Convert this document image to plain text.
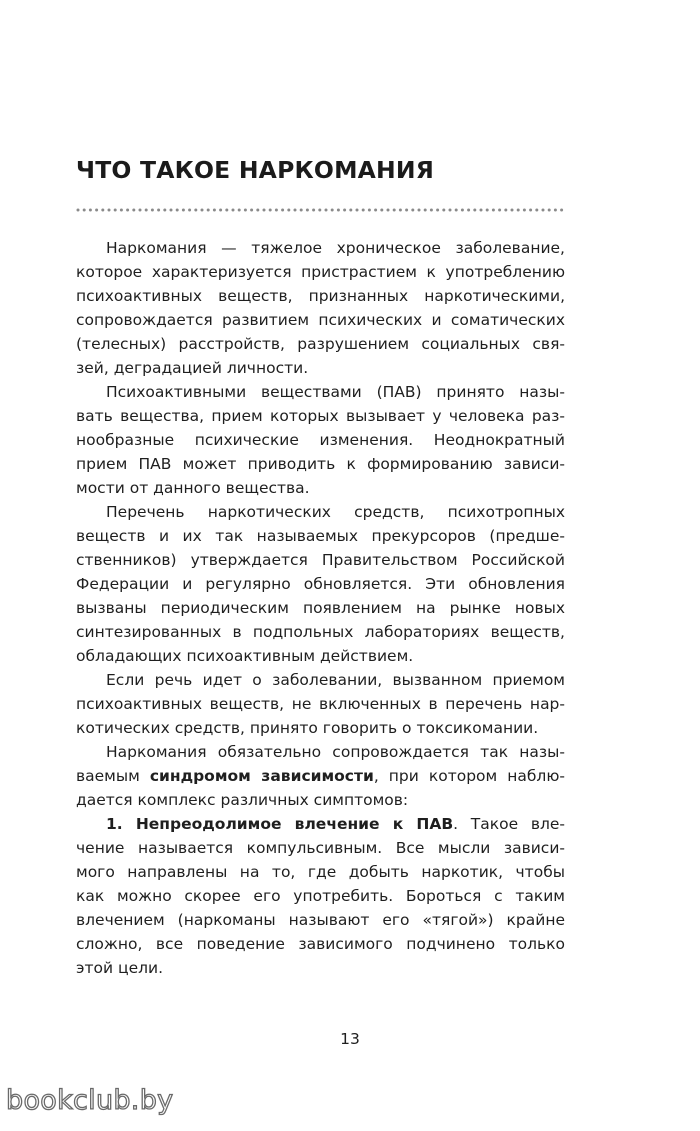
ЧТО ТАКОЕ НАРКОМАНИЯ
Наркомания — тяжелое хроническое заболевание,
которое характеризуется пристрастием к употреблению
психоактивных веществ, признанных наркотическими,
сопровождается развитием психических и соматических
(телесных) расстройств, разрушением социальных свя-
зей, деградацией личности.
Психоактивными веществами (ПАВ) принято назы-
вать вещества, прием которых вызывает у человека раз-
нообразные психические изменения. Неоднократный
прием ПАВ может приводить к формированию зависи-
мости от данного вещества.
Перечень наркотических средств, психотропных
веществ и их так называемых прекурсоров (предше-
ственников) утверждается Правительством Российской
Федерации и регулярно обновляется. Эти обновления
вызваны периодическим появлением на рынке новых
синтезированных в подпольных лабораториях веществ,
обладающих психоактивным действием.
Если речь идет о заболевании, вызванном приемом
психоактивных веществ, не включенных в перечень нар-
котических средств, принято говорить о токсикомании.
Наркомания обязательно сопровождается так назы-
ваемым синдромом зависимости, при котором наблю-
дается комплекс различных симптомов:
1. Непреодолимое влечение к ПАВ. Такое вле-
чение называется компульсивным. Все мысли зависи-
мого направлены на то, где добыть наркотик, чтобы
как можно скорее его употребить. Бороться с таким
влечением (наркоманы называют его «тягой») крайне
сложно, все поведение зависимого подчинено только
этой цели.
13
bookclub.by
